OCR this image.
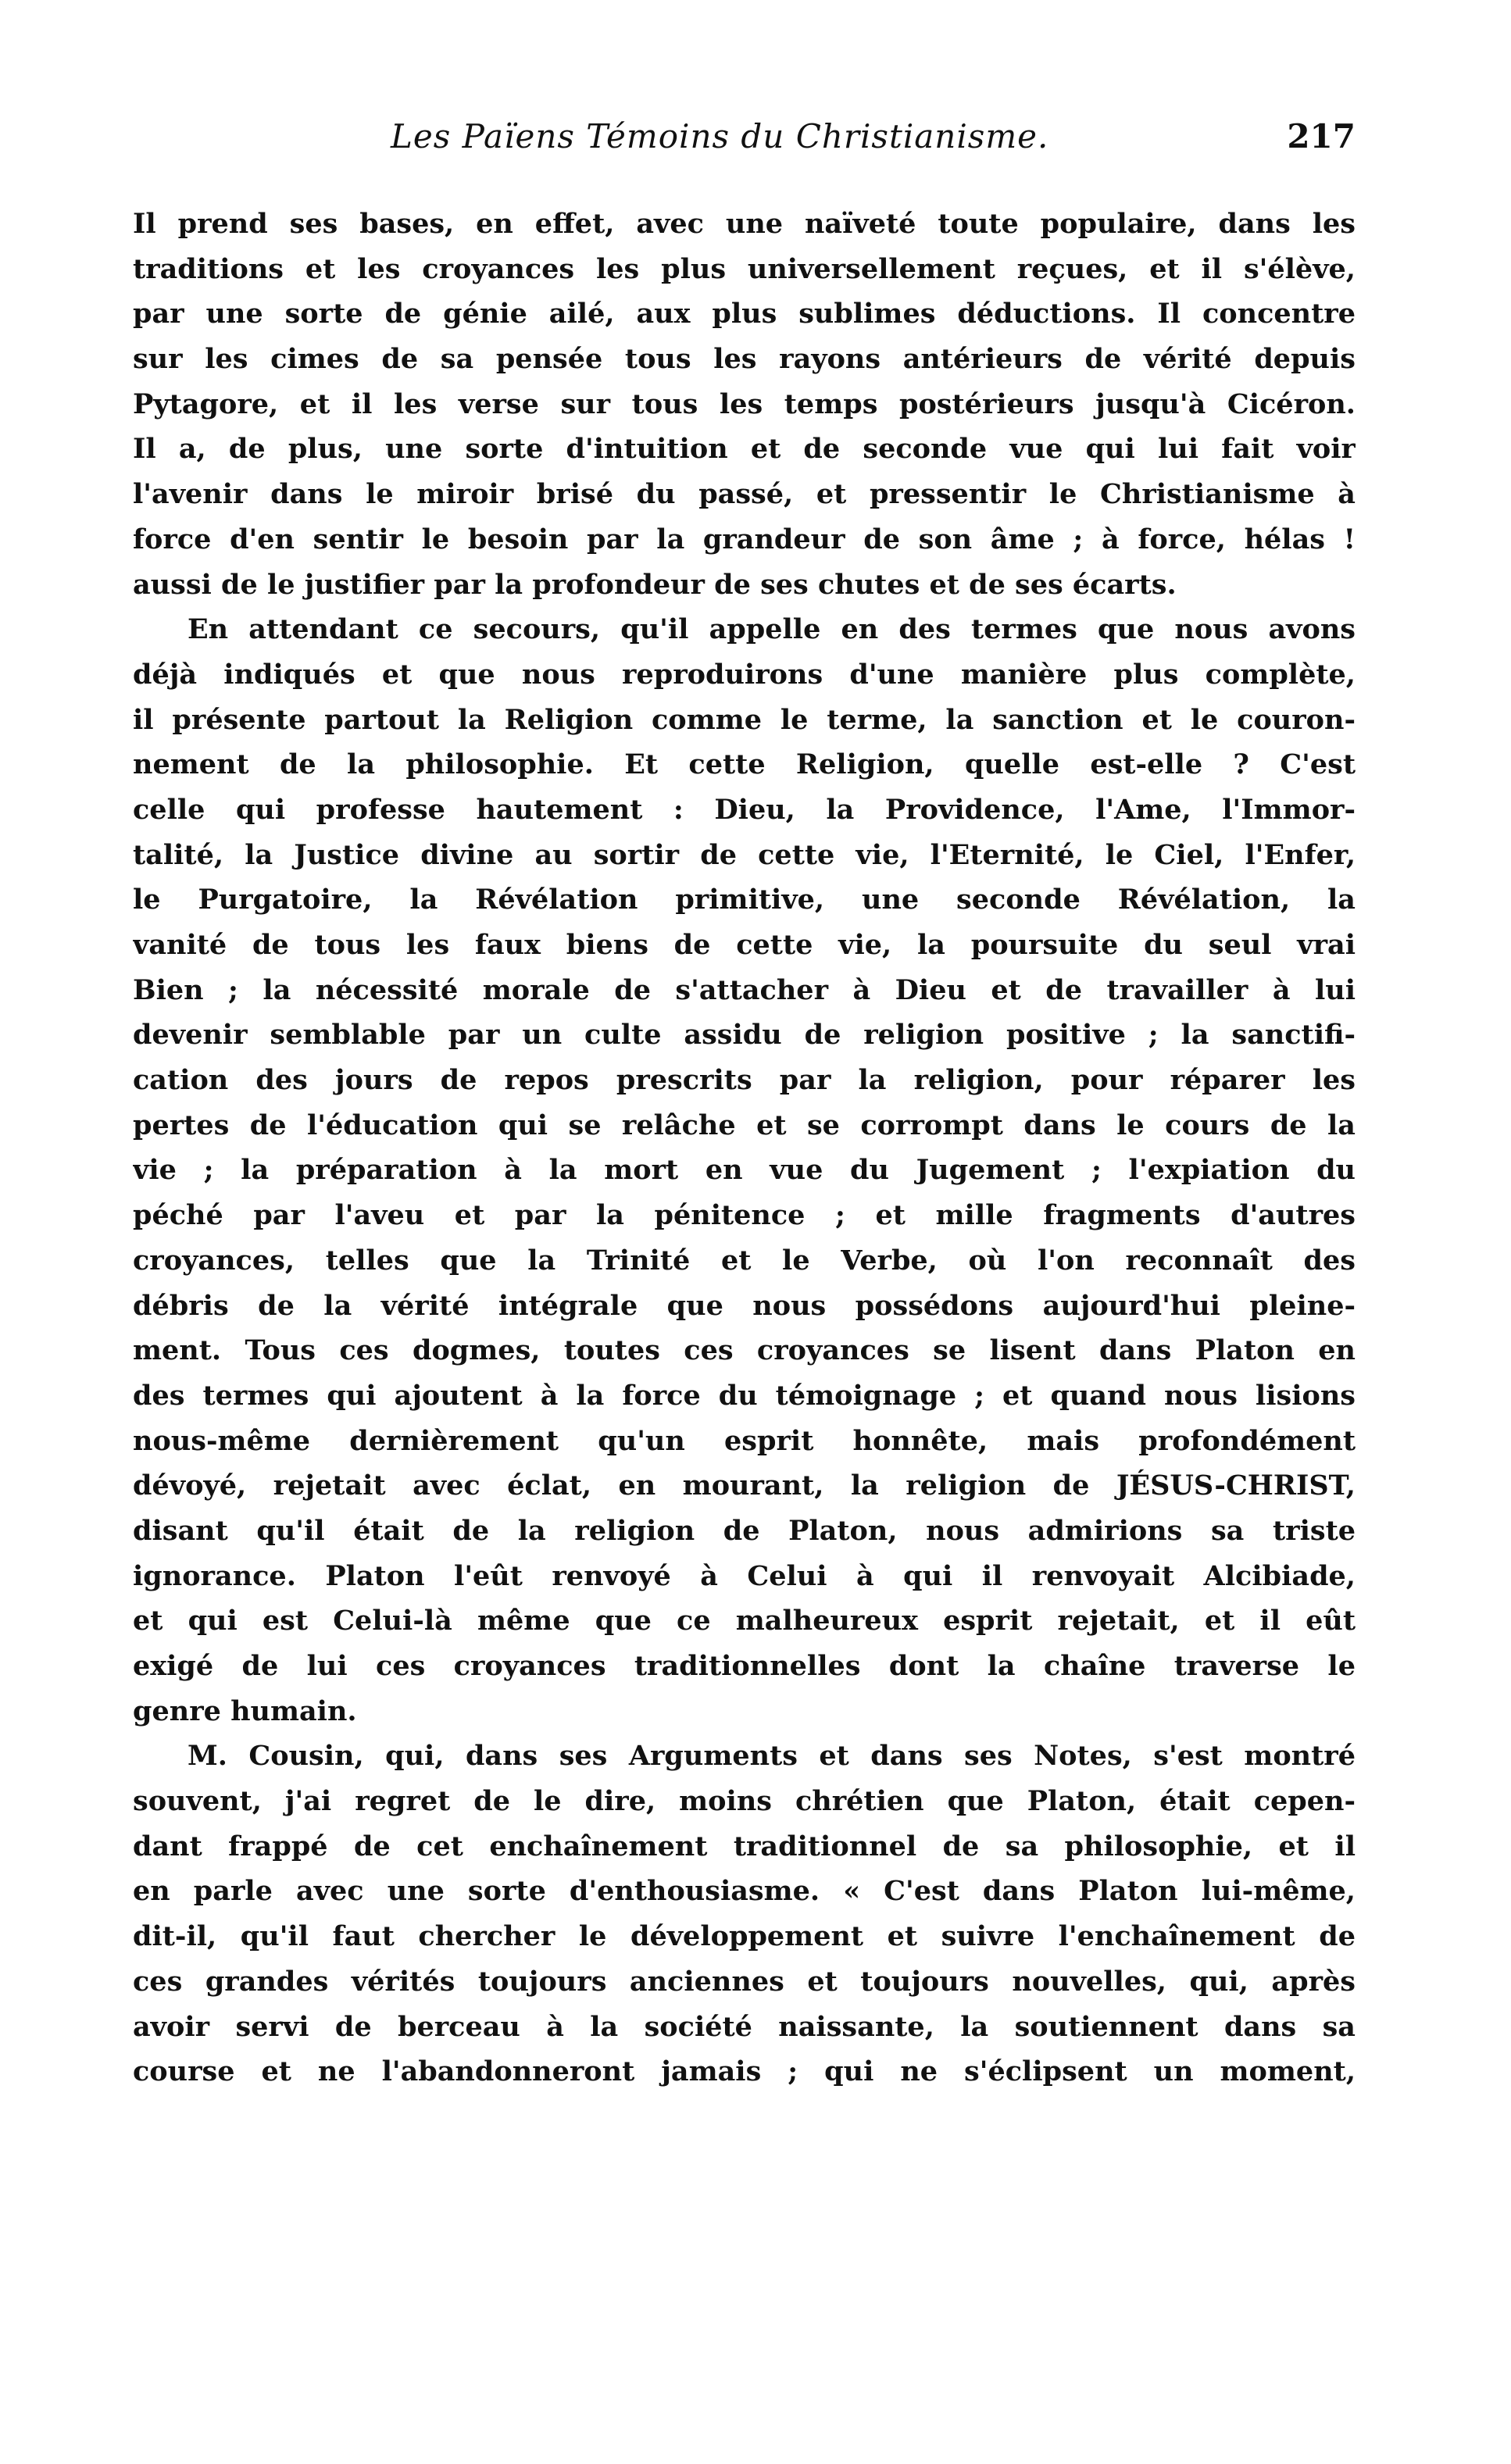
Les Païens Témoins du Christianisme.	217
Il prend ses bases, en effet, avec une naïveté toute populaire, dans les
traditions et les croyances les plus universellement reçues, et il s'élève,
par une sorte de génie ailé, aux plus sublimes déductions. Il concentre
sur les cimes de sa pensée tous les rayons antérieurs de vérité depuis
Pytagore, et il les verse sur tous les temps postérieurs jusqu'à Cicéron.
Il a, de plus, une sorte d'intuition et de seconde vue qui lui fait voir
l'avenir dans le miroir brisé du passé, et pressentir le Christianisme à
force d'en sentir le besoin par la grandeur de son âme ; à force, hélas !
aussi de le justifier par la profondeur de ses chutes et de ses écarts.
En attendant ce secours, qu'il appelle en des termes que nous avons
déjà indiqués et que nous reproduirons d'une manière plus complète,
il présente partout la Religion comme le terme, la sanction et le couron-
nement de la philosophie. Et cette Religion, quelle est-elle ? C'est
celle qui professe hautement : Dieu, la Providence, l'Ame, l'Immor-
talité, la Justice divine au sortir de cette vie, l'Eternité, le Ciel, l'Enfer,
le Purgatoire, la Révélation primitive, une seconde Révélation, la
vanité de tous les faux biens de cette vie, la poursuite du seul vrai
Bien ; la nécessité morale de s'attacher à Dieu et de travailler à lui
devenir semblable par un culte assidu de religion positive ; la sanctifi-
cation des jours de repos prescrits par la religion, pour réparer les
pertes de l'éducation qui se relâche et se corrompt dans le cours de la
vie ; la préparation à la mort en vue du Jugement ; l'expiation du
péché par l'aveu et par la pénitence ; et mille fragments d'autres
croyances, telles que la Trinité et le Verbe, où l'on reconnaît des
débris de la vérité intégrale que nous possédons aujourd'hui pleine-
ment. Tous ces dogmes, toutes ces croyances se lisent dans Platon en
des termes qui ajoutent à la force du témoignage ; et quand nous lisions
nous-même dernièrement qu'un esprit honnête, mais profondément
dévoyé, rejetait avec éclat, en mourant, la religion de JÉSUS-CHRIST,
disant qu'il était de la religion de Platon, nous admirions sa triste
ignorance. Platon l'eût renvoyé à Celui à qui il renvoyait Alcibiade,
et qui est Celui-là même que ce malheureux esprit rejetait, et il eût
exigé de lui ces croyances traditionnelles dont la chaîne traverse le
genre humain.
M. Cousin, qui, dans ses Arguments et dans ses Notes, s'est montré
souvent, j'ai regret de le dire, moins chrétien que Platon, était cepen-
dant frappé de cet enchaînement traditionnel de sa philosophie, et il
en parle avec une sorte d'enthousiasme. « C'est dans Platon lui-même,
dit-il, qu'il faut chercher le développement et suivre l'enchaînement de
ces grandes vérités toujours anciennes et toujours nouvelles, qui, après
avoir servi de berceau à la société naissante, la soutiennent dans sa
course et ne l'abandonneront jamais ; qui ne s'éclipsent un moment,
